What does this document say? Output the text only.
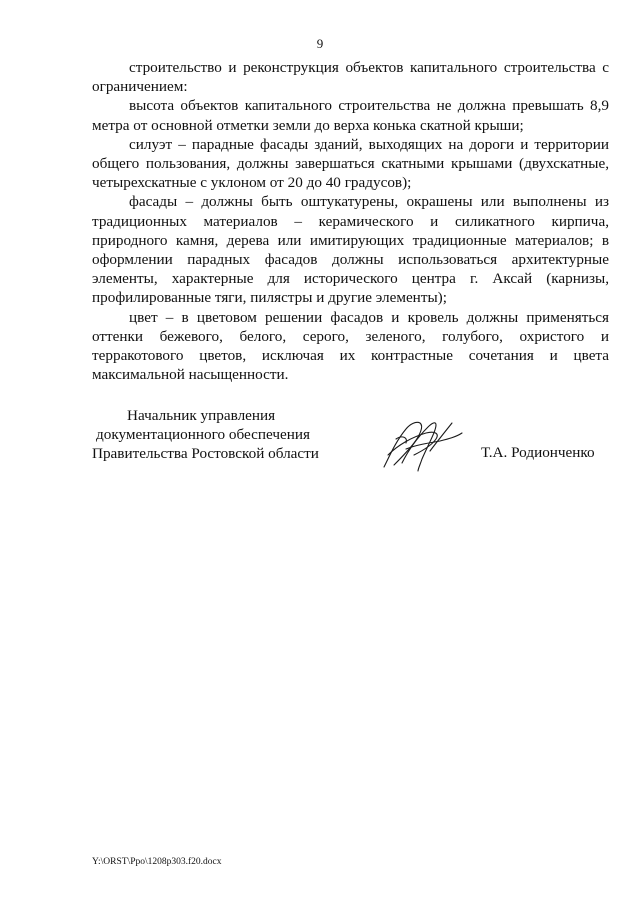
9

строительство и реконструкция объектов капитального строительства с ограничением:

высота объектов капитального строительства не должна превышать 8,9 метра от основной отметки земли до верха конька скатной крыши;

силуэт – парадные фасады зданий, выходящих на дороги и территории общего пользования, должны завершаться скатными крышами (двухскатные, четырехскатные с уклоном от 20 до 40 градусов);

фасады – должны быть оштукатурены, окрашены или выполнены из традиционных материалов – керамического и силикатного кирпича, природного камня, дерева или имитирующих традиционные материалов; в оформлении парадных фасадов должны использоваться архитектурные элементы, характерные для исторического центра г. Аксай (карнизы, профилированные тяги, пилястры и другие элементы);

цвет – в цветовом решении фасадов и кровель должны применяться оттенки бежевого, белого, серого, зеленого, голубого, охристого и терракотового цветов, исключая их контрастные сочетания и цвета максимальной насыщенности.

Начальник управления
документационного обеспечения
Правительства Ростовской области	Т.А. Родионченко
Y:\ORST\Ppo\1208p303.f20.docx
